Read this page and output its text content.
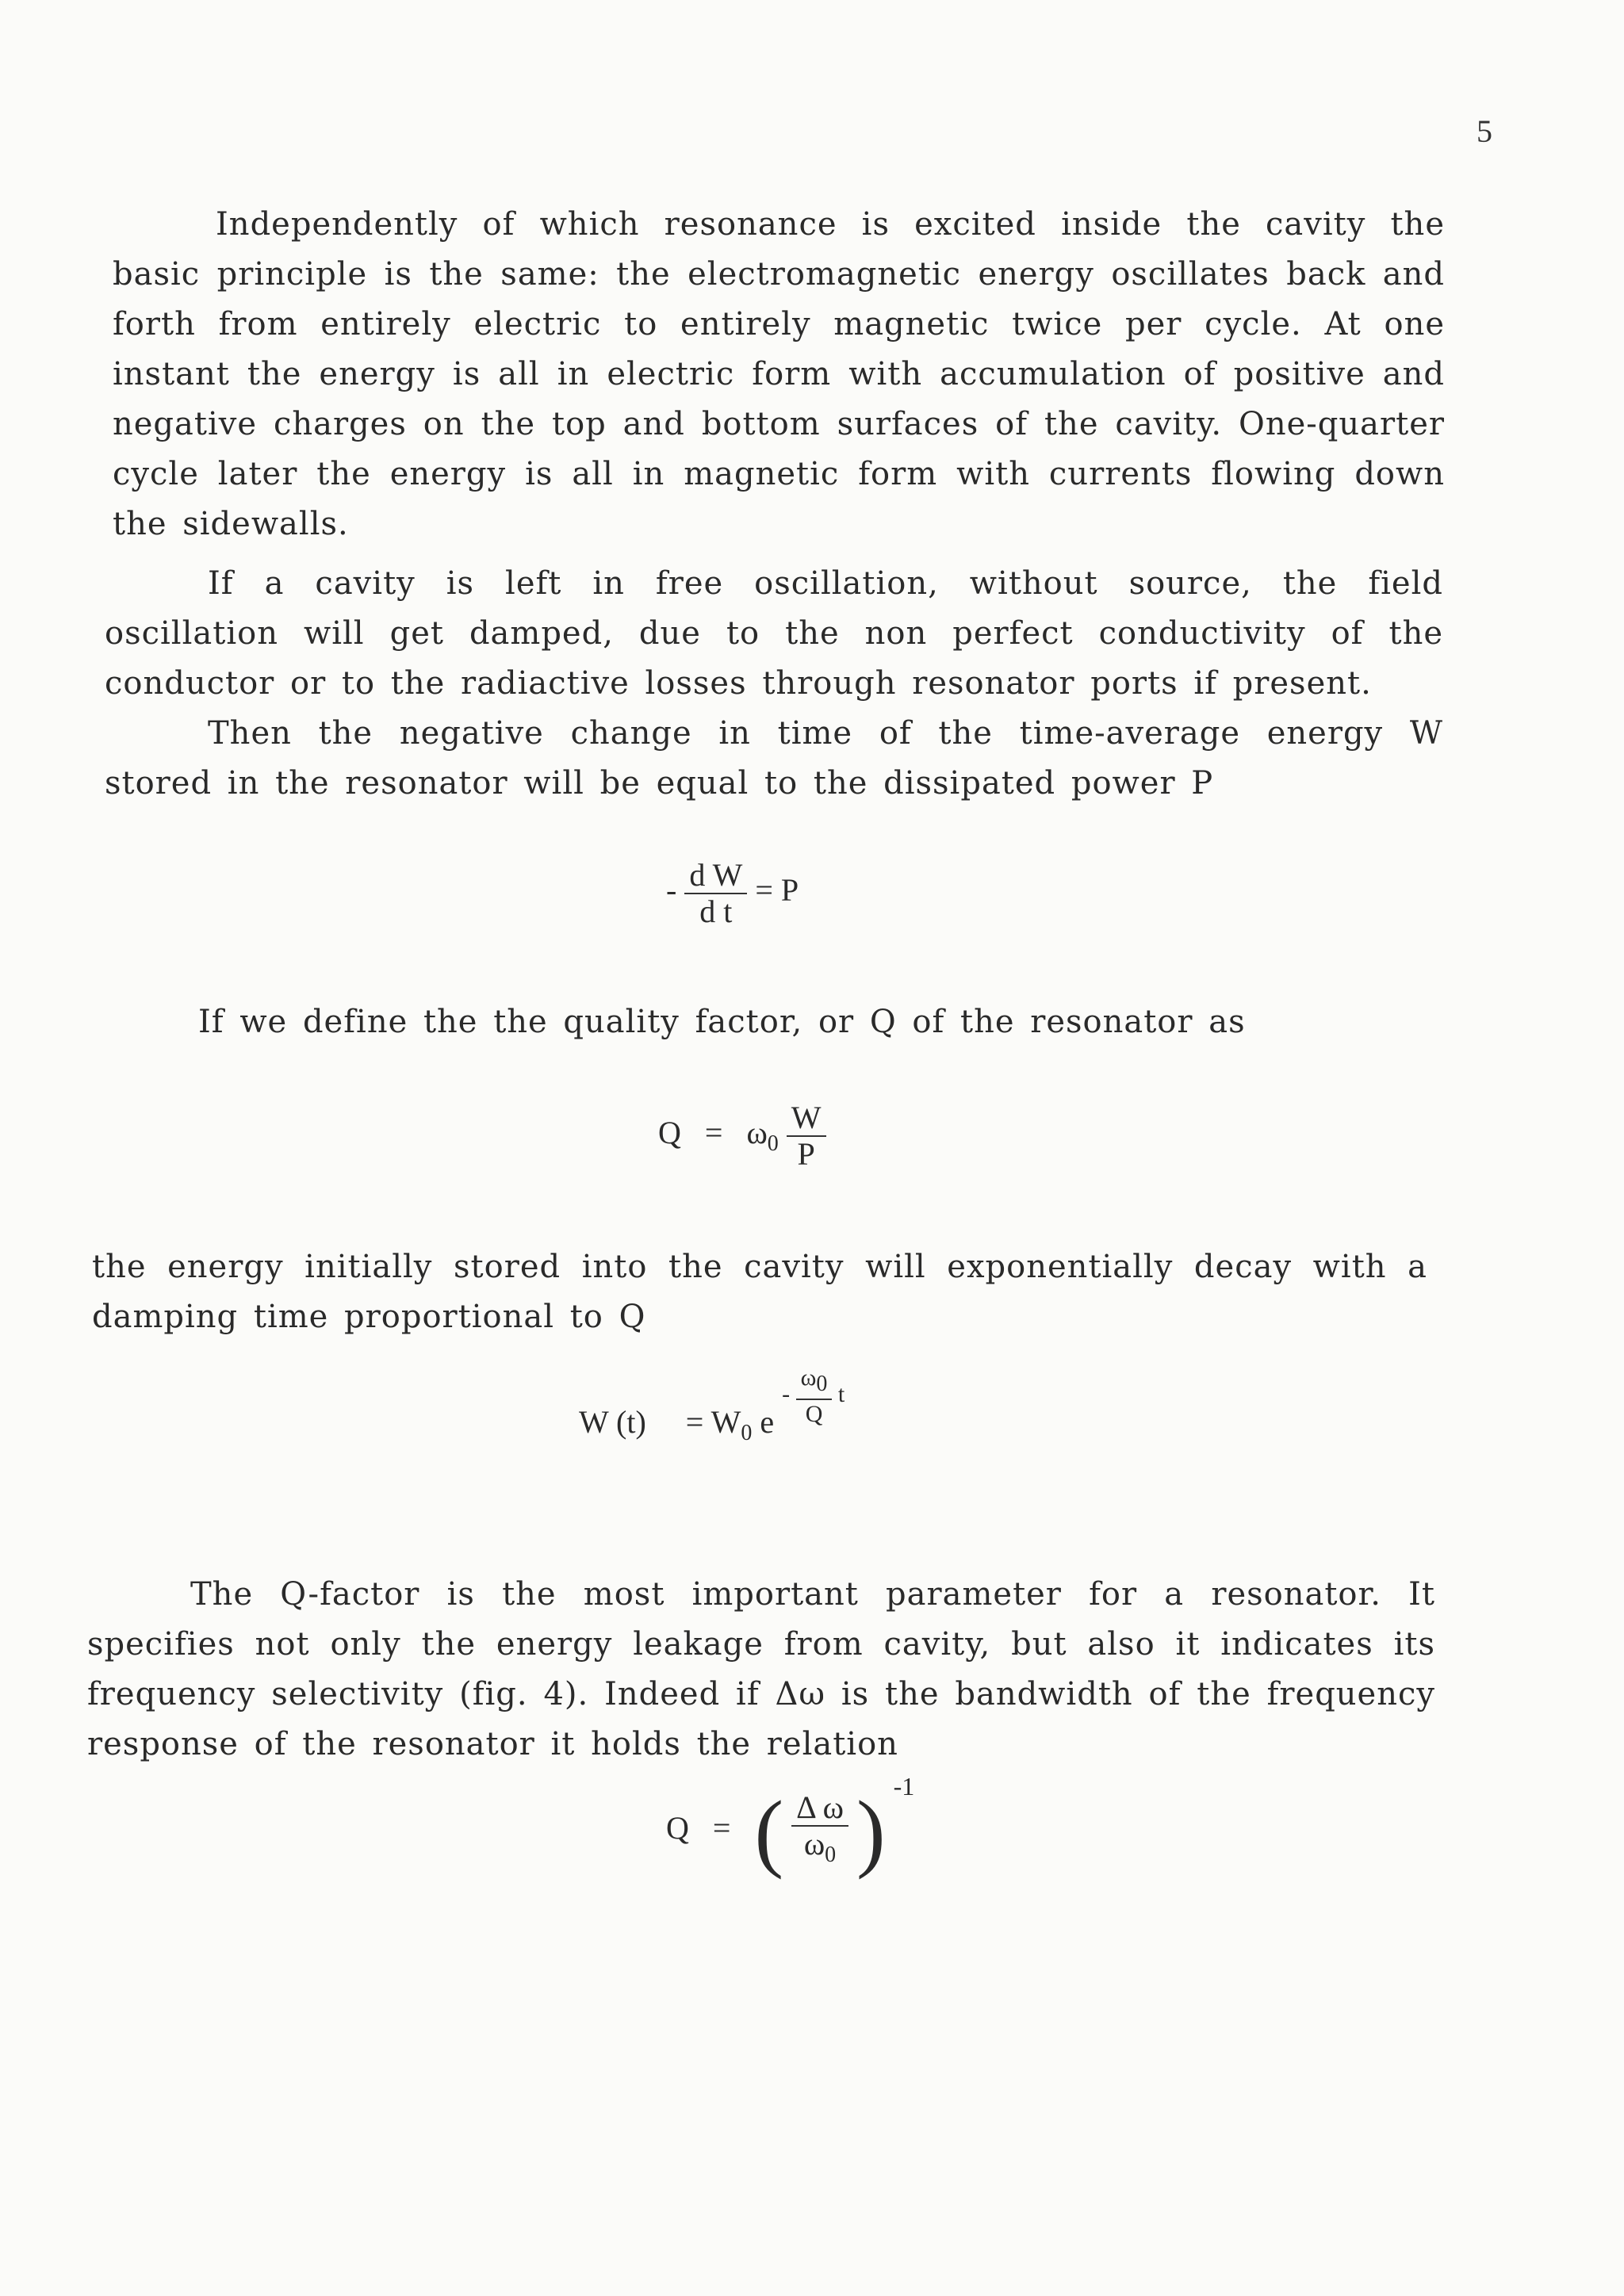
5

Independently of which resonance is excited inside the cavity the basic principle is the same: the electromagnetic energy oscillates back and forth from entirely electric to entirely magnetic twice per cycle. At one instant the energy is all in electric form with accumulation of positive and negative charges on the top and bottom surfaces of the cavity. One-quarter cycle later the energy is all in magnetic form with currents flowing down the sidewalls.

If a cavity is left in free oscillation, without source, the field oscillation will get damped, due to the non perfect conductivity of the conductor or to the radiactive losses through resonator ports if present.

Then the negative change in time of the time-average energy W stored in the resonator will be equal to the dissipated power P

- $\frac{\text{d W}}{\text{d t}} = P$

If we define the the quality factor, or Q of the resonator as

$Q = \omega_0 \frac{W}{P}$

the energy initially stored into the cavity will exponentially decay with a damping time proportional to Q

W $(t) = W_0$ e - $\frac{\omega_0}{Q}$ t

The Q-factor is the most important parameter for a resonator. It specifies not only the energy leakage from cavity, but also it indicates its frequency selectivity (fig. 4). Indeed if Δω is the bandwidth of the frequency response of the resonator it holds the relation

Q = ( $\frac{\text{Δ ω}}{\omega_0}$ ) -1
